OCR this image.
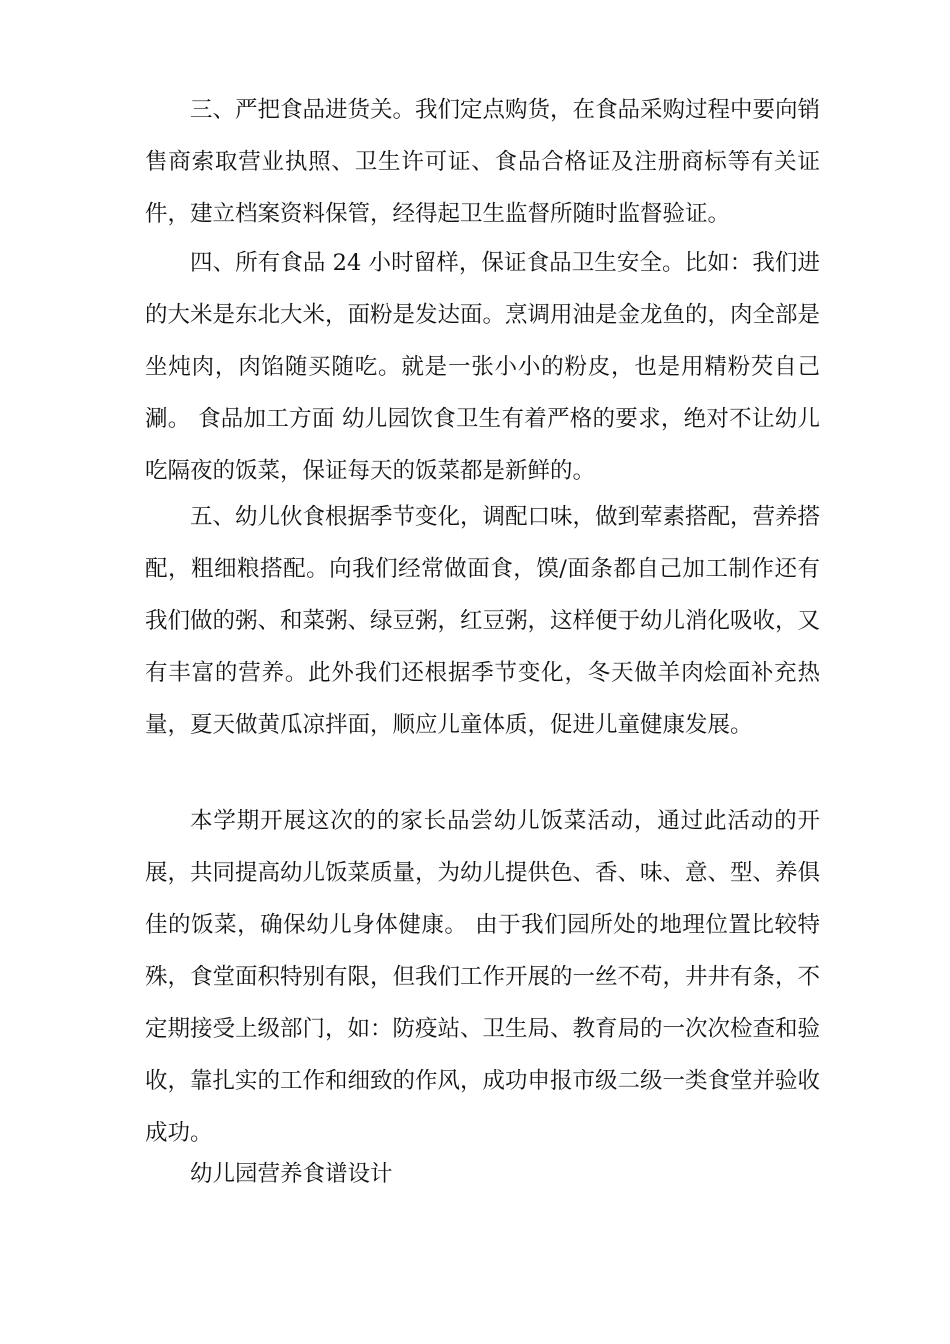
三、严把食品进货关。我们定点购货，在食品采购过程中要向销售商索取营业执照、卫生许可证、食品合格证及注册商标等有关证件，建立档案资料保管，经得起卫生监督所随时监督验证。

四、所有食品 24 小时留样，保证食品卫生安全。比如：我们进的大米是东北大米，面粉是发达面。烹调用油是金龙鱼的，肉全部是坐炖肉，肉馅随买随吃。就是一张小小的粉皮，也是用精粉芡自己涮。 食品加工方面 幼儿园饮食卫生有着严格的要求，绝对不让幼儿吃隔夜的饭菜，保证每天的饭菜都是新鲜的。

五、幼儿伙食根据季节变化，调配口味，做到荤素搭配，营养搭配，粗细粮搭配。向我们经常做面食，馍/面条都自己加工制作还有我们做的粥、和菜粥、绿豆粥，红豆粥，这样便于幼儿消化吸收，又有丰富的营养。此外我们还根据季节变化，冬天做羊肉烩面补充热量，夏天做黄瓜凉拌面，顺应儿童体质，促进儿童健康发展。

本学期开展这次的的家长品尝幼儿饭菜活动，通过此活动的开展，共同提高幼儿饭菜质量，为幼儿提供色、香、味、意、型、养俱佳的饭菜，确保幼儿身体健康。 由于我们园所处的地理位置比较特殊，食堂面积特别有限，但我们工作开展的一丝不苟，井井有条，不定期接受上级部门，如：防疫站、卫生局、教育局的一次次检查和验收，靠扎实的工作和细致的作风，成功申报市级二级一类食堂并验收成功。

幼儿园营养食谱设计
